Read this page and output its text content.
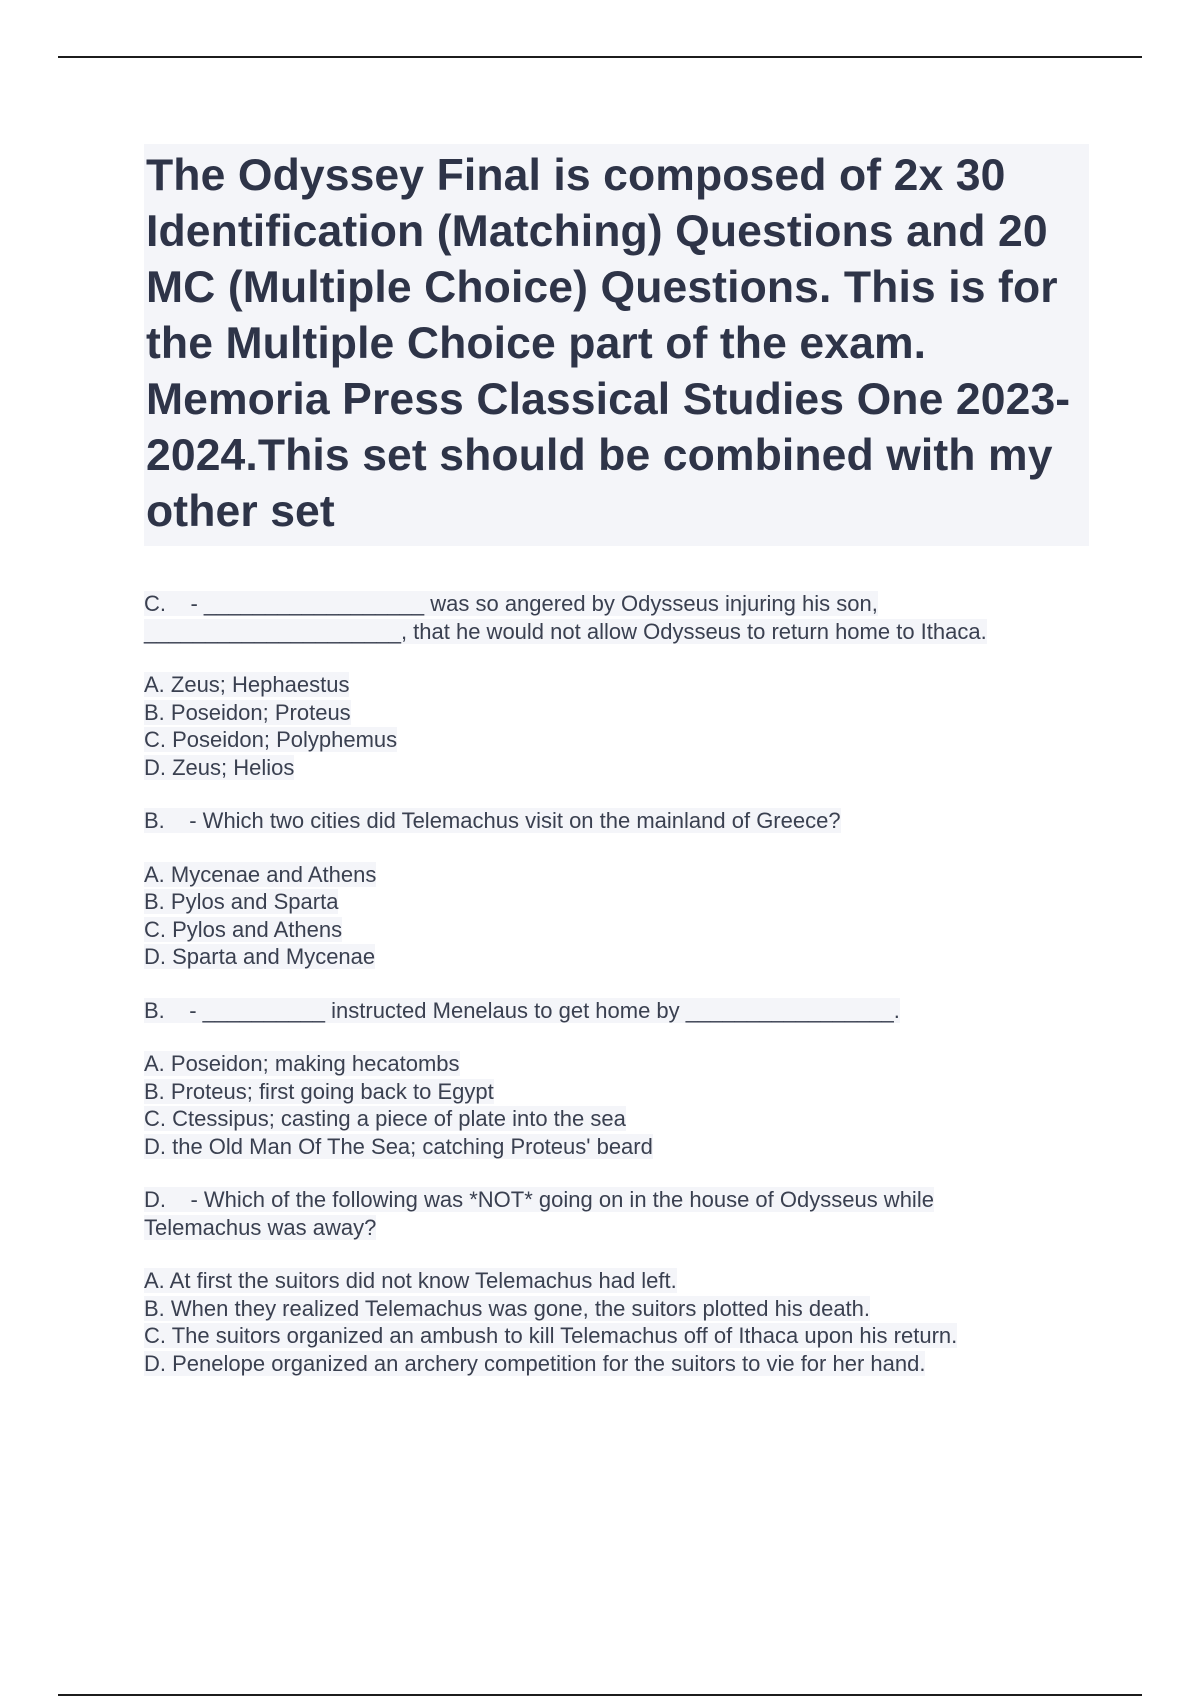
The Odyssey Final is composed of 2x 30 Identification (Matching) Questions and 20 MC (Multiple Choice) Questions. This is for the Multiple Choice part of the exam. Memoria Press Classical Studies One 2023-2024.This set should be combined with my other set

C.    - __________________ was so angered by Odysseus injuring his son,
_____________________, that he would not allow Odysseus to return home to Ithaca.

A. Zeus; Hephaestus
B. Poseidon; Proteus
C. Poseidon; Polyphemus
D. Zeus; Helios

B.    - Which two cities did Telemachus visit on the mainland of Greece?

A. Mycenae and Athens
B. Pylos and Sparta
C. Pylos and Athens
D. Sparta and Mycenae

B.    - __________ instructed Menelaus to get home by _________________.

A. Poseidon; making hecatombs
B. Proteus; first going back to Egypt
C. Ctessipus; casting a piece of plate into the sea
D. the Old Man Of The Sea; catching Proteus' beard

D.    - Which of the following was *NOT* going on in the house of Odysseus while
Telemachus was away?

A. At first the suitors did not know Telemachus had left.
B. When they realized Telemachus was gone, the suitors plotted his death.
C. The suitors organized an ambush to kill Telemachus off of Ithaca upon his return.
D. Penelope organized an archery competition for the suitors to vie for her hand.
